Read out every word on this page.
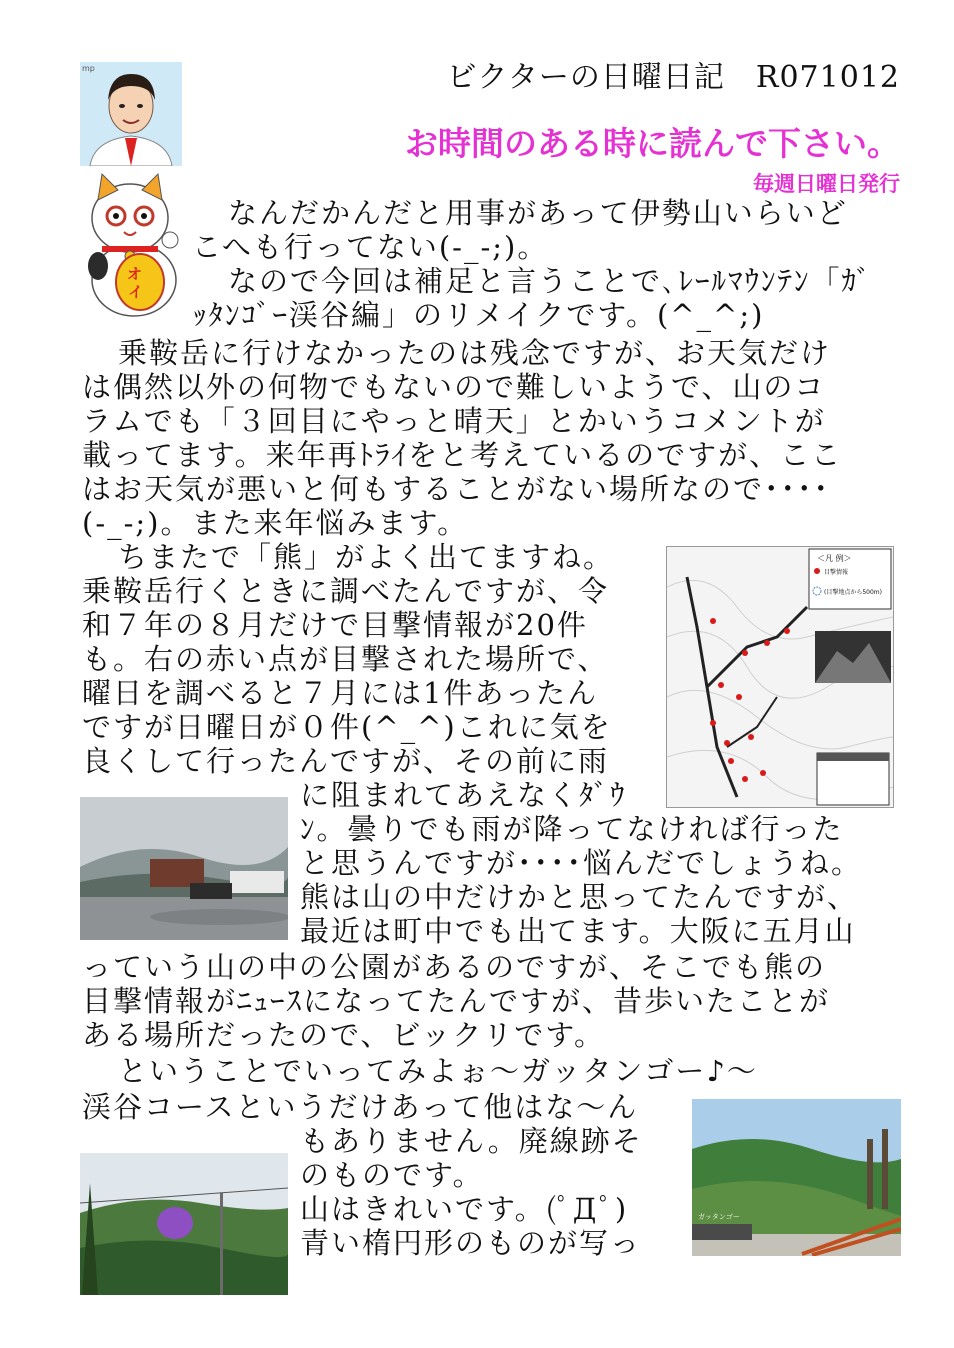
ビクターの日曜日記　R071012
お時間のある時に読んで下さい。
毎週日曜日発行
mp
オ
イ
＜凡 例＞
目撃情報
(目撃地点から500m)
ガッタンゴー
なんだかんだと用事があって伊勢山いらいど
こへも行ってない(-_-;)。
なので今回は補足と言うことで､ﾚｰﾙﾏｳﾝﾃﾝ「ｶﾞ
ｯﾀﾝｺﾞｰ渓谷編」のリメイクです。(^_^;)
乗鞍岳に行けなかったのは残念ですが、お天気だけ
は偶然以外の何物でもないので難しいようで、山のコ
ラムでも「３回目にやっと晴天」とかいうコメントが
載ってます。来年再ﾄﾗｲをと考えているのですが、ここ
はお天気が悪いと何もすることがない場所なので････
(-_-;)。また来年悩みます。
ちまたで「熊」がよく出てますね。
乗鞍岳行くときに調べたんですが、令
和７年の８月だけで目撃情報が20件
も。右の赤い点が目撃された場所で、
曜日を調べると７月には1件あったん
ですが日曜日が０件(^_^)これに気を
良くして行ったんですが、その前に雨
に阻まれてあえなくﾀﾞｳ
ﾝ。曇りでも雨が降ってなければ行った
と思うんですが････悩んだでしょうね。
熊は山の中だけかと思ってたんですが、
最近は町中でも出てます。大阪に五月山
っていう山の中の公園があるのですが、そこでも熊の
目撃情報がﾆｭｰｽになってたんですが、昔歩いたことが
ある場所だったので、ビックリです。
ということでいってみよぉ～ガッタンゴー♪～
渓谷コースというだけあって他はな～ん
もありません。廃線跡そ
のものです。
山はきれいです。(ﾟДﾟ)
青い楕円形のものが写っ
